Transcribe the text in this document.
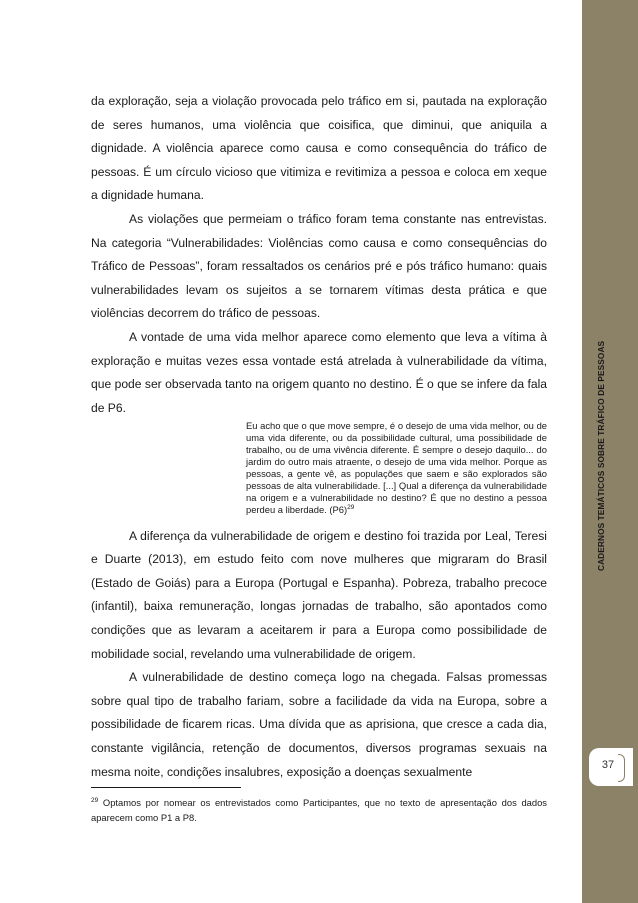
CADERNOS TEMÁTICOS SOBRE TRÁFICO DE PESSOAS
37

da exploração, seja a violação provocada pelo tráfico em si, pautada na exploração de seres humanos, uma violência que coisifica, que diminui, que aniquila a dignidade. A violência aparece como causa e como consequência do tráfico de pessoas. É um círculo vicioso que vitimiza e revitimiza a pessoa e coloca em xeque a dignidade humana.

As violações que permeiam o tráfico foram tema constante nas entrevistas. Na categoria “Vulnerabilidades: Violências como causa e como consequências do Tráfico de Pessoas”, foram ressaltados os cenários pré e pós tráfico humano: quais vulnerabilidades levam os sujeitos a se tornarem vítimas desta prática e que violências decorrem do tráfico de pessoas.

A vontade de uma vida melhor aparece como elemento que leva a vítima à exploração e muitas vezes essa vontade está atrelada à vulnerabilidade da vítima, que pode ser observada tanto na origem quanto no destino. É o que se infere da fala de P6.

Eu acho que o que move sempre, é o desejo de uma vida melhor, ou de uma vida diferente, ou da possibilidade cultural, uma possibilidade de trabalho, ou de uma vivência diferente. É sempre o desejo daquilo... do jardim do outro mais atraente, o desejo de uma vida melhor. Porque as pessoas, a gente vê, as populações que saem e são explorados são pessoas de alta vulnerabilidade. [...] Qual a diferença da vulnerabilidade na origem e a vulnerabilidade no destino? É que no destino a pessoa perdeu a liberdade. $(P6)^{29}$

A diferença da vulnerabilidade de origem e destino foi trazida por Leal, Teresi e Duarte (2013), em estudo feito com nove mulheres que migraram do Brasil (Estado de Goiás) para a Europa (Portugal e Espanha). Pobreza, trabalho precoce (infantil), baixa remuneração, longas jornadas de trabalho, são apontados como condições que as levaram a aceitarem ir para a Europa como possibilidade de mobilidade social, revelando uma vulnerabilidade de origem.

A vulnerabilidade de destino começa logo na chegada. Falsas promessas sobre qual tipo de trabalho fariam, sobre a facilidade da vida na Europa, sobre a possibilidade de ficarem ricas. Uma dívida que as aprisiona, que cresce a cada dia, constante vigilância, retenção de documentos, diversos programas sexuais na mesma noite, condições insalubres, exposição a doenças sexualmente

$^{29}$ Optamos por nomear os entrevistados como Participantes, que no texto de apresentação dos dados aparecem como P1 a P8.
